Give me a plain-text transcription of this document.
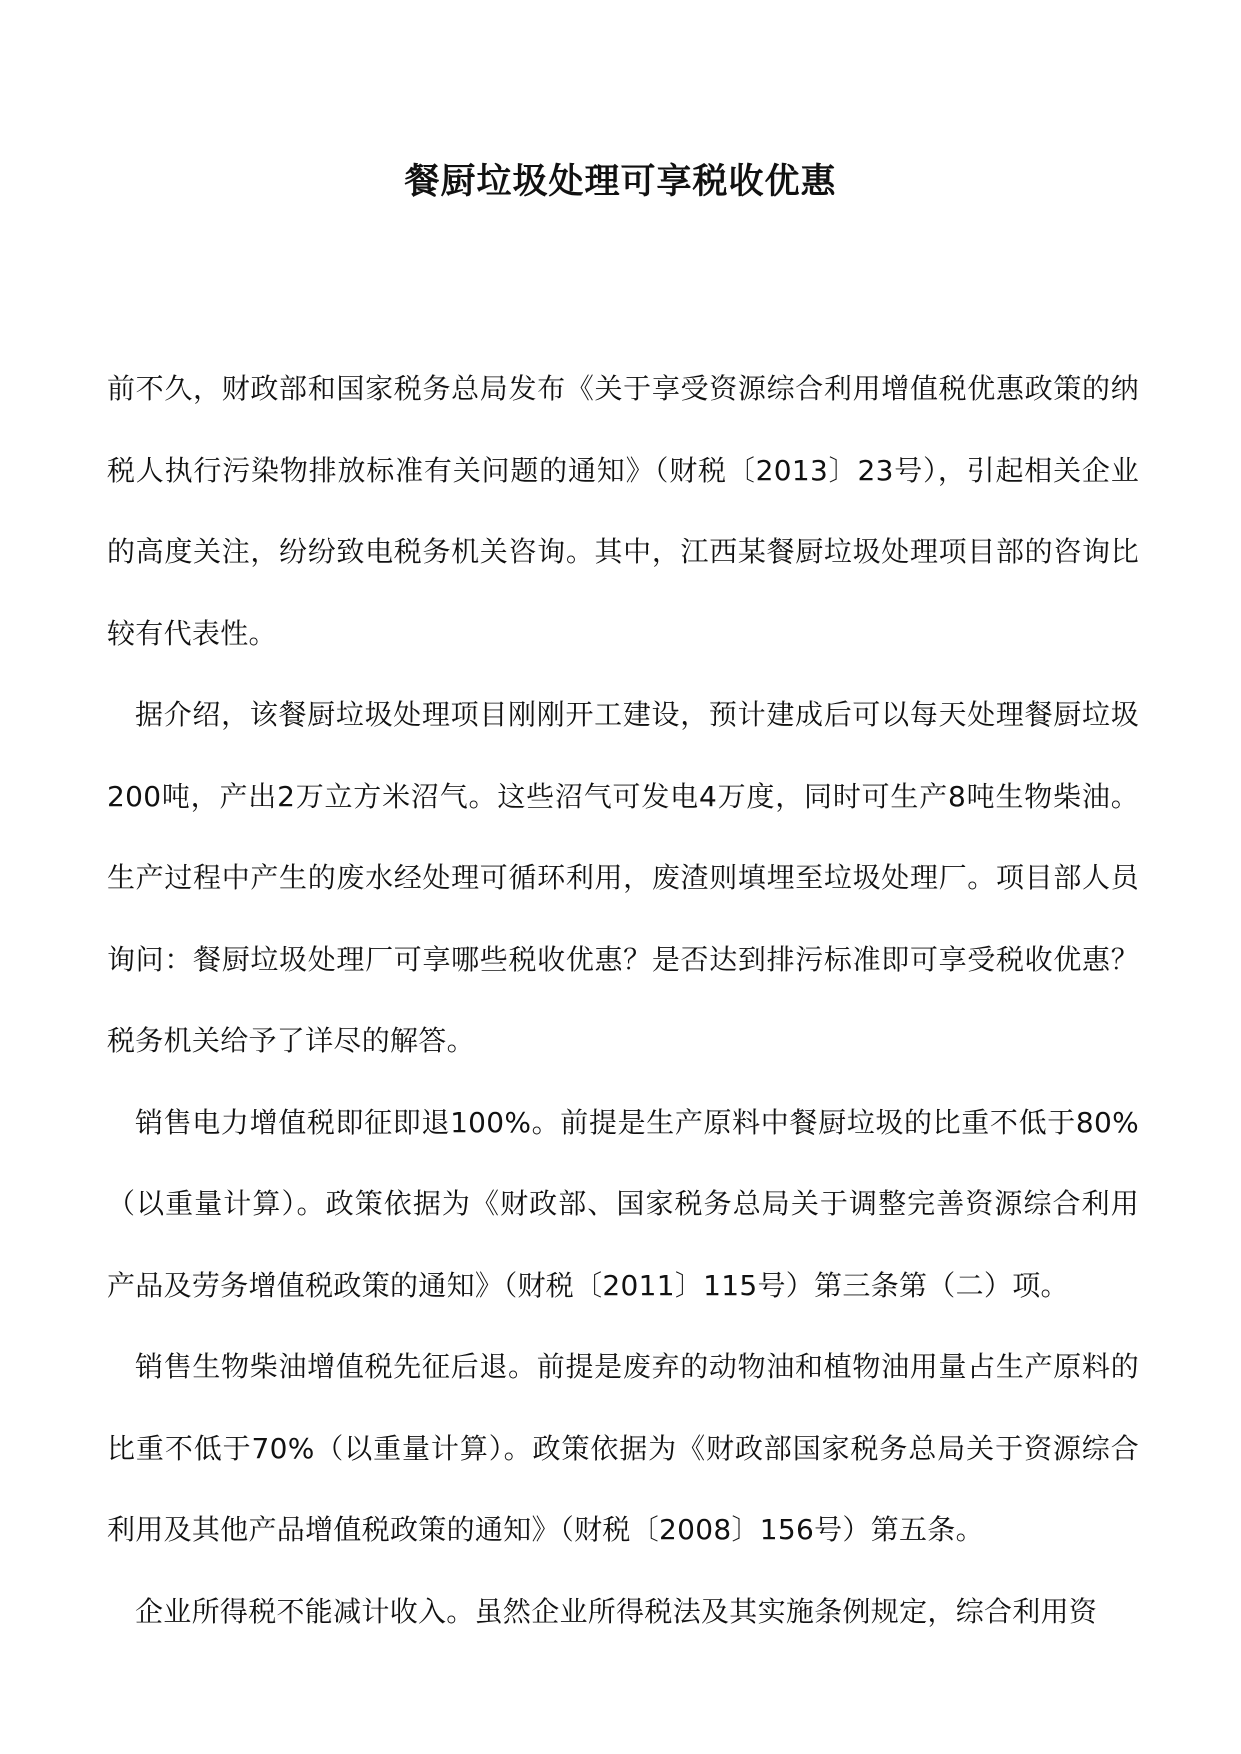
餐厨垃圾处理可享税收优惠

前不久，财政部和国家税务总局发布《关于享受资源综合利用增值税优惠政策的纳税人执行污染物排放标准有关问题的通知》（财税〔2013〕23号），引起相关企业的高度关注，纷纷致电税务机关咨询。其中，江西某餐厨垃圾处理项目部的咨询比较有代表性。

据介绍，该餐厨垃圾处理项目刚刚开工建设，预计建成后可以每天处理餐厨垃圾200吨，产出2万立方米沼气。这些沼气可发电4万度，同时可生产8吨生物柴油。生产过程中产生的废水经处理可循环利用，废渣则填埋至垃圾处理厂。项目部人员询问：餐厨垃圾处理厂可享哪些税收优惠？是否达到排污标准即可享受税收优惠？税务机关给予了详尽的解答。

销售电力增值税即征即退100%。前提是生产原料中餐厨垃圾的比重不低于80%（以重量计算）。政策依据为《财政部、国家税务总局关于调整完善资源综合利用产品及劳务增值税政策的通知》（财税〔2011〕115号）第三条第（二）项。

销售生物柴油增值税先征后退。前提是废弃的动物油和植物油用量占生产原料的比重不低于70%（以重量计算）。政策依据为《财政部国家税务总局关于资源综合利用及其他产品增值税政策的通知》（财税〔2008〕156号）第五条。

企业所得税不能减计收入。虽然企业所得税法及其实施条例规定，综合利用资
